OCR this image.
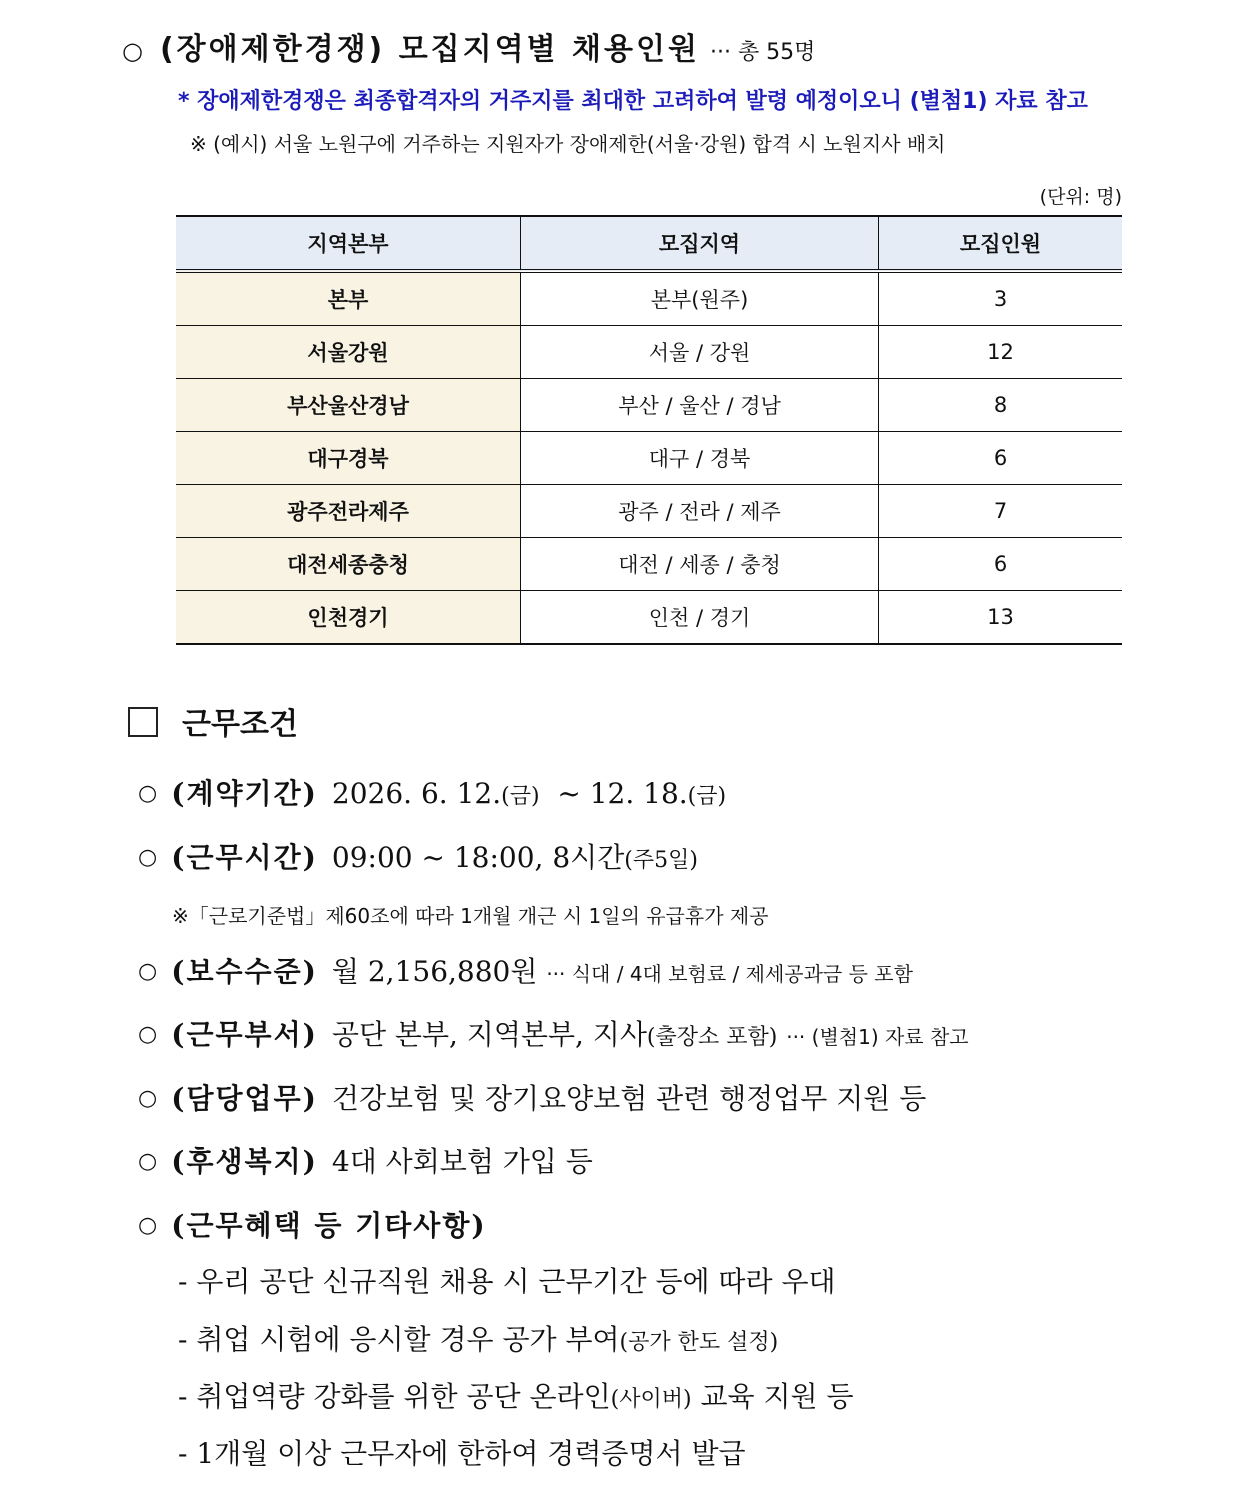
○ (장애제한경쟁) 모집지역별 채용인원 ··· 총 55명
* 장애제한경쟁은 최종합격자의 거주지를 최대한 고려하여 발령 예정이오니 (별첨1) 자료 참고
※ (예시) 서울 노원구에 거주하는 지원자가 장애제한(서울·강원) 합격 시 노원지사 배치
(단위: 명)
지역본부	모집지역	모집인원
본부	본부(원주)	3
서울강원	서울 / 강원	12
부산울산경남	부산 / 울산 / 경남	8
대구경북	대구 / 경북	6
광주전라제주	광주 / 전라 / 제주	7
대전세종충청	대전 / 세종 / 충청	6
인천경기	인천 / 경기	13
근무조건
○ (계약기간) 2026. 6. 12.(금) ~ 12. 18.(금)
○ (근무시간) 09:00 ~ 18:00, 8시간(주5일)
※「근로기준법」제60조에 따라 1개월 개근 시 1일의 유급휴가 제공
○ (보수수준) 월 2,156,880원 ··· 식대 / 4대 보험료 / 제세공과금 등 포함
○ (근무부서) 공단 본부, 지역본부, 지사(출장소 포함) ··· (별첨1) 자료 참고
○ (담당업무) 건강보험 및 장기요양보험 관련 행정업무 지원 등
○ (후생복지) 4대 사회보험 가입 등
○ (근무혜택 등 기타사항)
- 우리 공단 신규직원 채용 시 근무기간 등에 따라 우대
- 취업 시험에 응시할 경우 공가 부여(공가 한도 설정)
- 취업역량 강화를 위한 공단 온라인(사이버) 교육 지원 등
- 1개월 이상 근무자에 한하여 경력증명서 발급
